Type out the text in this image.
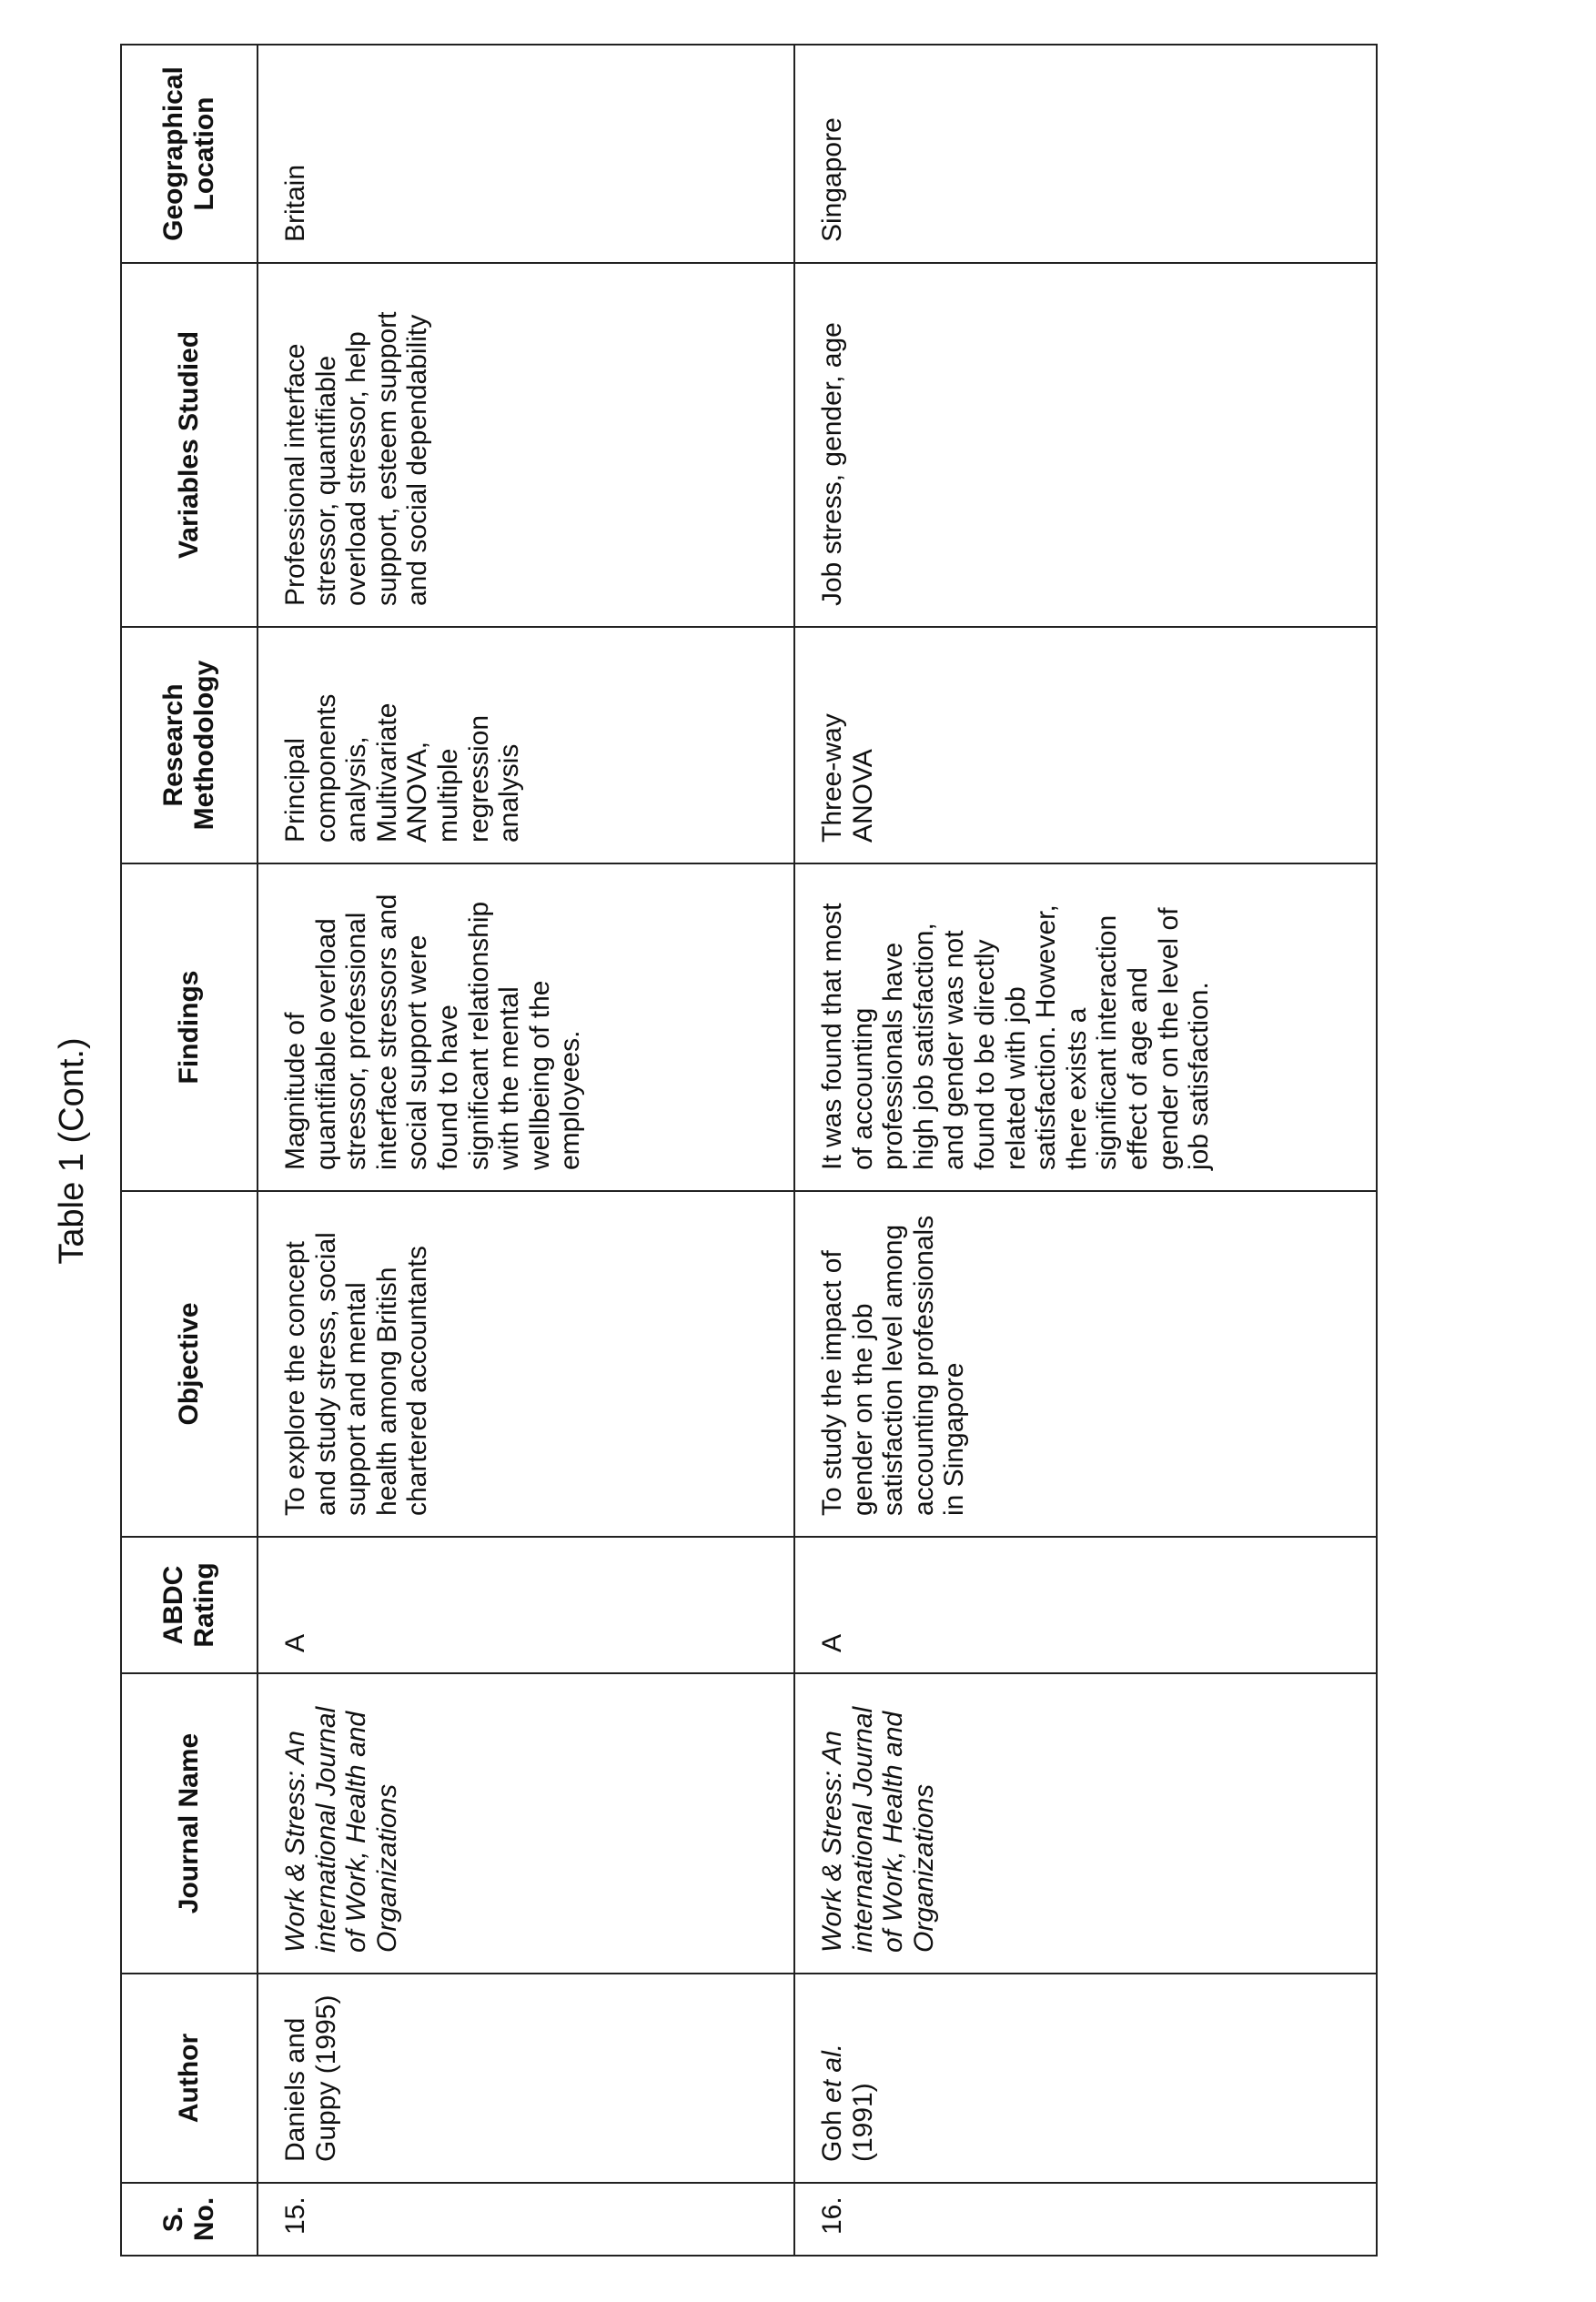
Table 1 (Cont.)
S. No.	Author	Journal Name	ABDC Rating	Objective	Findings	Research Methodology	Variables Studied	Geographical Location
15.	Daniels and Guppy (1995)	Work & Stress: An international Journal of Work, Health and Organizations	A	To explore the concept and study stress, social support and mental health among British chartered accountants	Magnitude of quantifiable overload stressor, professional interface stressors and social support were found to have significant relationship with the mental wellbeing of the employees.	Principal components analysis, Multivariate ANOVA, multiple regression analysis	Professional interface stressor, quantifiable overload stressor, help support, esteem support and social dependability	Britain
16.	Goh et al. (1991)	Work & Stress: An international Journal of Work, Health and Organizations	A	To study the impact of gender on the job satisfaction level among accounting professionals in Singapore	It was found that most of accounting professionals have high job satisfaction, and gender was not found to be directly related with job satisfaction. However, there exists a significant interaction effect of age and gender on the level of job satisfaction.	Three-way ANOVA	Job stress, gender, age	Singapore
